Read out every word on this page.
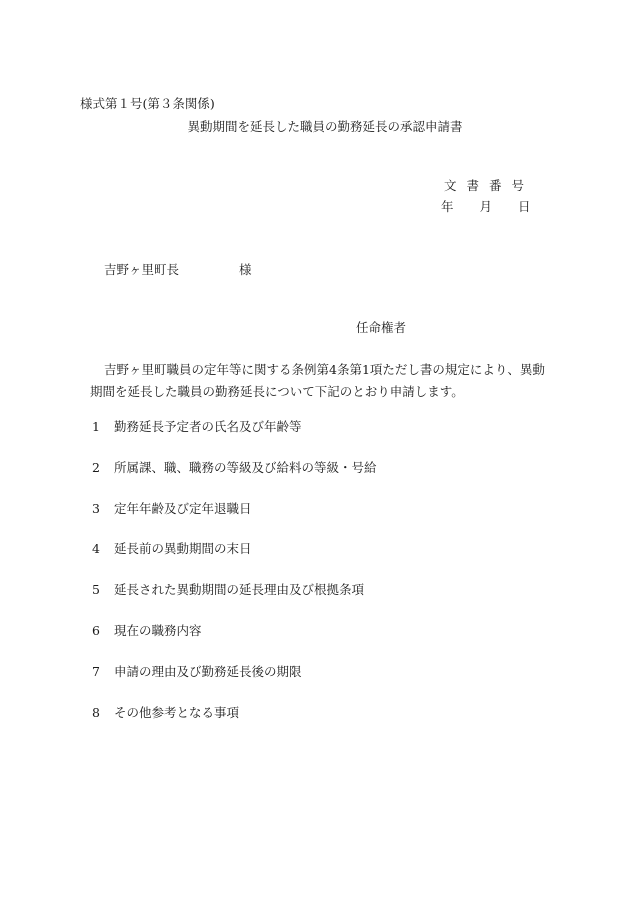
様式第１号(第３条関係)
異動期間を延長した職員の勤務延長の承認申請書
文書番号
年 月 日
吉野ヶ里町長	様
任命権者
吉野ヶ里町職員の定年等に関する条例第4条第1項ただし書の規定により、異動期間を延長した職員の勤務延長について下記のとおり申請します。
1	勤務延長予定者の氏名及び年齢等
2	所属課、職、職務の等級及び給料の等級・号給
3	定年年齢及び定年退職日
4	延長前の異動期間の末日
5	延長された異動期間の延長理由及び根拠条項
6	現在の職務内容
7	申請の理由及び勤務延長後の期限
8	その他参考となる事項
